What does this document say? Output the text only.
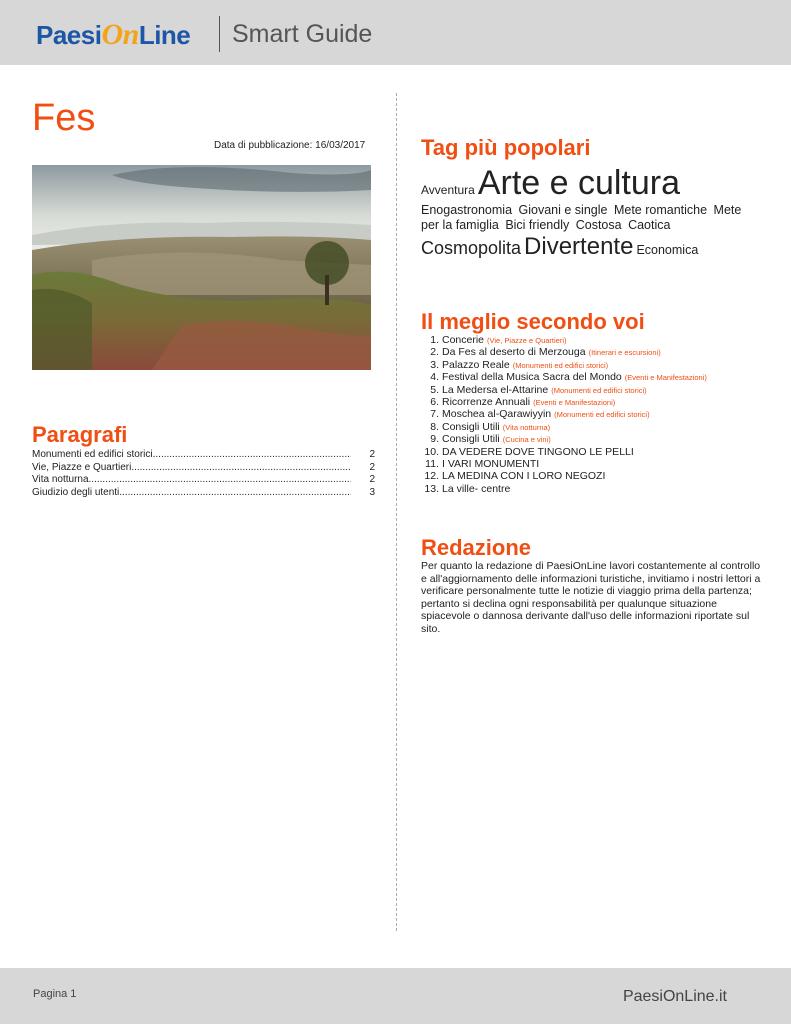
PaesiOnLine Smart Guide
Fes
Data di pubblicazione: 16/03/2017
Paragrafi
Monumenti ed edifici storici .....	2
Vie, Piazze e Quartieri .....	2
Vita notturna .....	2
Giudizio degli utenti .....	3
Tag più popolari
AvventuraArte e cultura
Enogastronomia Giovani e single Mete romantiche Mete per la famiglia Bici friendly Costosa Caotica
Cosmopolita Divertente Economica
Il meglio secondo voi
1. Concerie (Vie, Piazze e Quartieri)
2. Da Fes al deserto di Merzouga (Itinerari e escursioni)
3. Palazzo Reale (Monumenti ed edifici storici)
4. Festival della Musica Sacra del Mondo (Eventi e Manifestazioni)
5. La Medersa el-Attarine (Monumenti ed edifici storici)
6. Ricorrenze Annuali (Eventi e Manifestazioni)
7. Moschea al-Qarawiyyin (Monumenti ed edifici storici)
8. Consigli Utili (Vita notturna)
9. Consigli Utili (Cucina e vini)
10. DA VEDERE DOVE TINGONO LE PELLI
11. I VARI MONUMENTI
12. LA MEDINA CON I LORO NEGOZI
13. La ville- centre
Redazione
Per quanto la redazione di PaesiOnLine lavori costantemente al controllo e all'aggiornamento delle informazioni turistiche, invitiamo i nostri lettori a verificare personalmente tutte le notizie di viaggio prima della partenza; pertanto si declina ogni responsabilità per qualunque situazione spiacevole o dannosa derivante dall'uso delle informazioni riportate sul sito.
Pagina 1	PaesiOnLine.it
